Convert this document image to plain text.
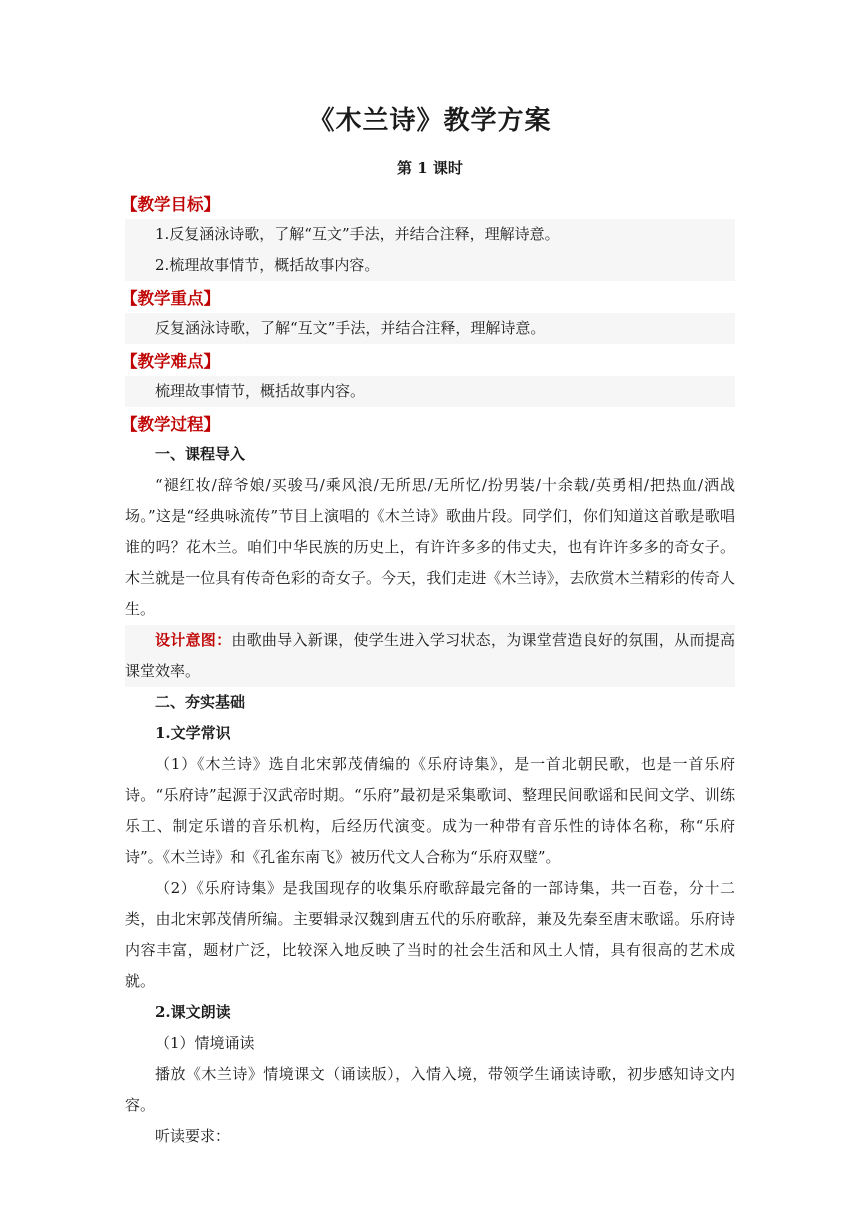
《木兰诗》教学方案
第 1 课时
【教学目标】

1.反复涵泳诗歌，了解“互文”手法，并结合注释，理解诗意。

2.梳理故事情节，概括故事内容。

【教学重点】

反复涵泳诗歌，了解“互文”手法，并结合注释，理解诗意。

【教学难点】

梳理故事情节，概括故事内容。

【教学过程】

一、课程导入

“褪红妆/辞爷娘/买骏马/乘风浪/无所思/无所忆/扮男装/十余载/英勇相/把热血/洒战场。”这是“经典咏流传”节目上演唱的《木兰诗》歌曲片段。同学们，你们知道这首歌是歌唱谁的吗？花木兰。咱们中华民族的历史上，有许许多多的伟丈夫，也有许许多多的奇女子。木兰就是一位具有传奇色彩的奇女子。今天，我们走进《木兰诗》，去欣赏木兰精彩的传奇人生。

设计意图：由歌曲导入新课，使学生进入学习状态，为课堂营造良好的氛围，从而提高课堂效率。

二、夯实基础

1.文学常识

（1）《木兰诗》选自北宋郭茂倩编的《乐府诗集》，是一首北朝民歌，也是一首乐府诗。“乐府诗”起源于汉武帝时期。“乐府”最初是采集歌词、整理民间歌谣和民间文学、训练乐工、制定乐谱的音乐机构，后经历代演变。成为一种带有音乐性的诗体名称，称“乐府诗”。《木兰诗》和《孔雀东南飞》被历代文人合称为“乐府双璧”。

（2）《乐府诗集》是我国现存的收集乐府歌辞最完备的一部诗集，共一百卷，分十二类，由北宋郭茂倩所编。主要辑录汉魏到唐五代的乐府歌辞，兼及先秦至唐末歌谣。乐府诗内容丰富，题材广泛，比较深入地反映了当时的社会生活和风土人情，具有很高的艺术成就。

2.课文朗读

（1）情境诵读

播放《木兰诗》情境课文（诵读版），入情入境，带领学生诵读诗歌，初步感知诗文内容。

听读要求：
